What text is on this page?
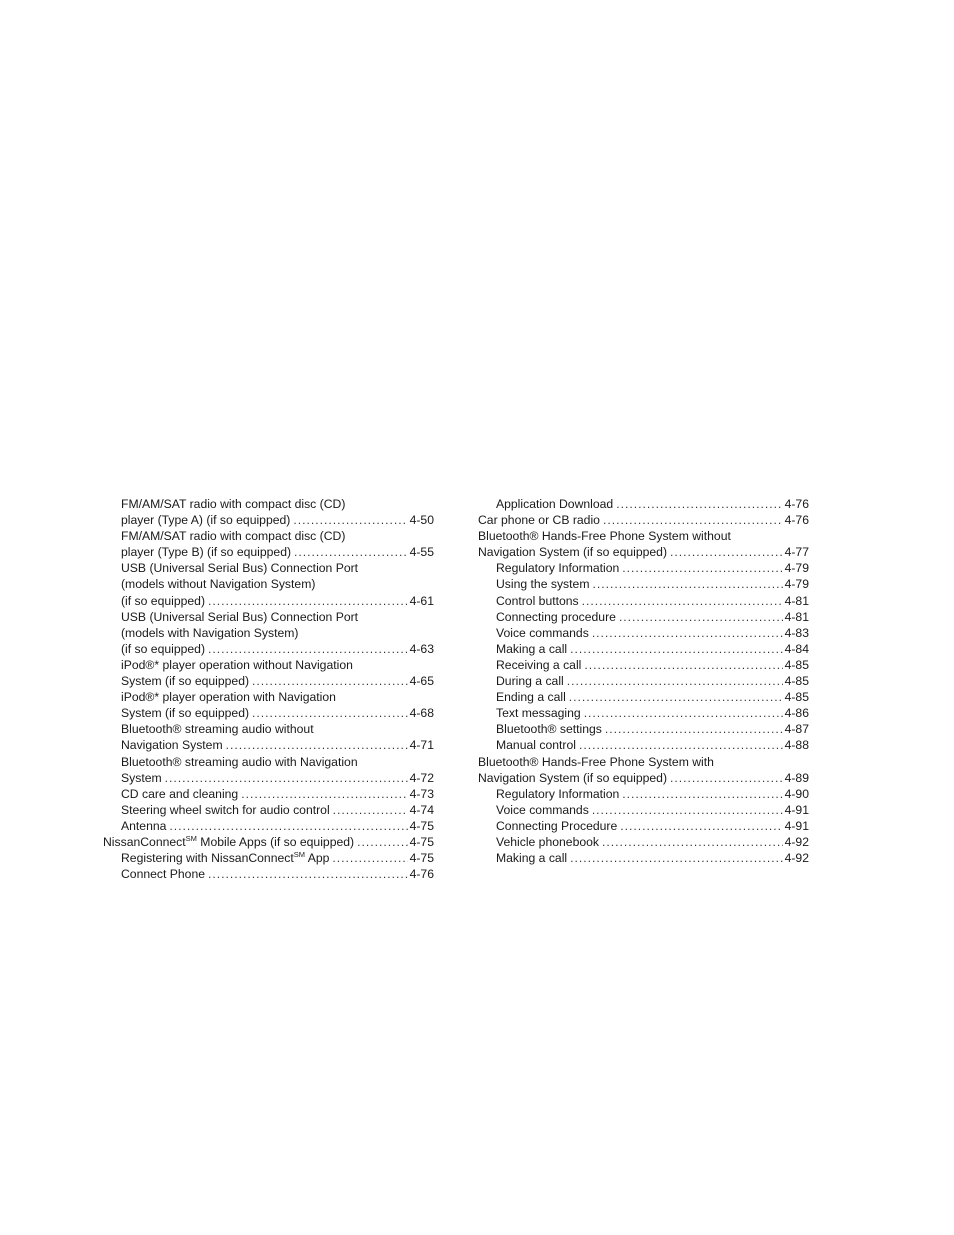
FM/AM/SAT radio with compact disc (CD)
player (Type A) (if so equipped) . . .	4-50
FM/AM/SAT radio with compact disc (CD)
player (Type B) (if so equipped) . . .	4-55
USB (Universal Serial Bus) Connection Port
(models without Navigation System)
(if so equipped) . . .	4-61
USB (Universal Serial Bus) Connection Port
(models with Navigation System)
(if so equipped) . . .	4-63
iPod®* player operation without Navigation
System (if so equipped) . . .	4-65
iPod®* player operation with Navigation
System (if so equipped) . . .	4-68
Bluetooth® streaming audio without
Navigation System . . .	4-71
Bluetooth® streaming audio with Navigation
System . . .	4-72
CD care and cleaning . . .	4-73
Steering wheel switch for audio control . . .	4-74
Antenna . . .	4-75
NissanConnect℠ Mobile Apps (if so equipped) . . .	4-75
Registering with NissanConnect℠ App . . .	4-75
Connect Phone . . .	4-76
Application Download . . .	4-76
Car phone or CB radio . . .	4-76
Bluetooth® Hands-Free Phone System without
Navigation System (if so equipped) . . .	4-77
Regulatory Information . . .	4-79
Using the system . . .	4-79
Control buttons . . .	4-81
Connecting procedure . . .	4-81
Voice commands . . .	4-83
Making a call . . .	4-84
Receiving a call . . .	4-85
During a call . . .	4-85
Ending a call . . .	4-85
Text messaging . . .	4-86
Bluetooth® settings . . .	4-87
Manual control . . .	4-88
Bluetooth® Hands-Free Phone System with
Navigation System (if so equipped) . . .	4-89
Regulatory Information . . .	4-90
Voice commands . . .	4-91
Connecting Procedure . . .	4-91
Vehicle phonebook . . .	4-92
Making a call . . .	4-92
